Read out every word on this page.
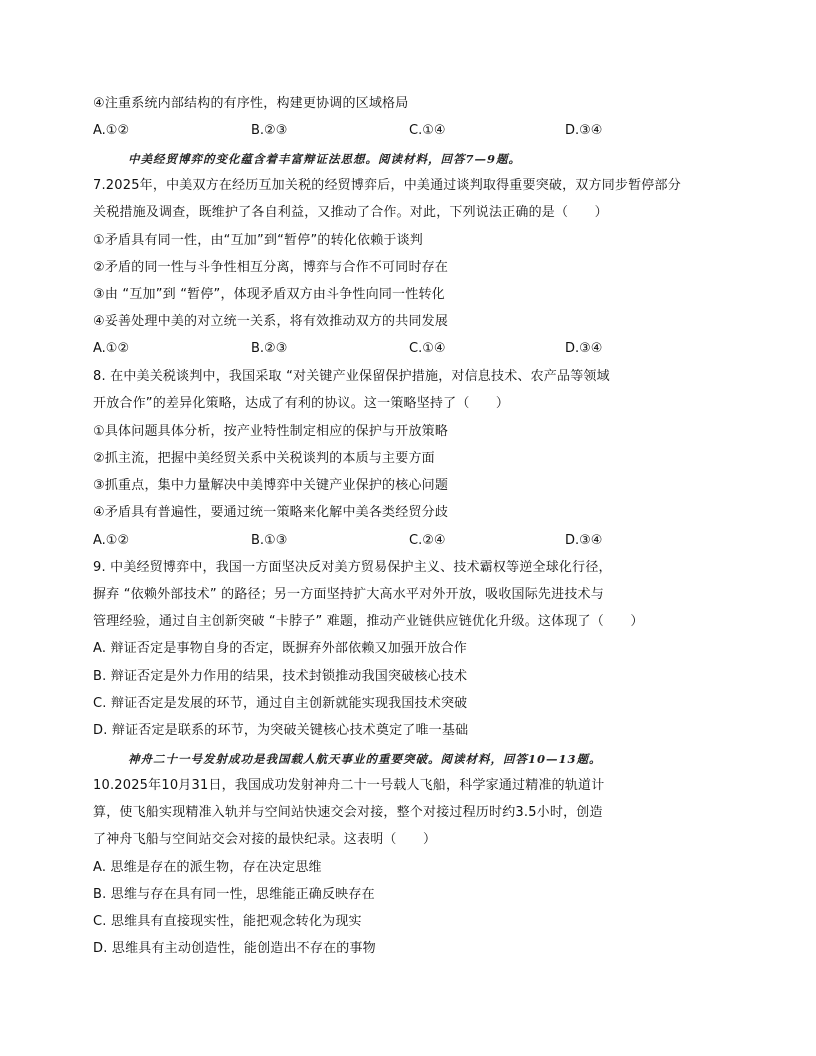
④注重系统内部结构的有序性，构建更协调的区域格局
A.①②	B.②③	C.①④	D.③④
中美经贸博弈的变化蕴含着丰富辩证法思想。阅读材料，回答7—9题。
7.2025年，中美双方在经历互加关税的经贸博弈后，中美通过谈判取得重要突破，双方同步暂停部分
关税措施及调查，既维护了各自利益，又推动了合作。对此，下列说法正确的是（　　）
①矛盾具有同一性，由“互加”到“暂停”的转化依赖于谈判
②矛盾的同一性与斗争性相互分离，博弈与合作不可同时存在
③由 “互加”到 “暂停”，体现矛盾双方由斗争性向同一性转化
④妥善处理中美的对立统一关系，将有效推动双方的共同发展
A.①②	B.②③	C.①④	D.③④
8. 在中美关税谈判中，我国采取 “对关键产业保留保护措施，对信息技术、农产品等领域
开放合作”的差异化策略，达成了有利的协议。这一策略坚持了（　　）
①具体问题具体分析，按产业特性制定相应的保护与开放策略
②抓主流，把握中美经贸关系中关税谈判的本质与主要方面
③抓重点，集中力量解决中美博弈中关键产业保护的核心问题
④矛盾具有普遍性，要通过统一策略来化解中美各类经贸分歧
A.①②	B.①③	C.②④	D.③④
9. 中美经贸博弈中，我国一方面坚决反对美方贸易保护主义、技术霸权等逆全球化行径，
摒弃 “依赖外部技术” 的路径；另一方面坚持扩大高水平对外开放，吸收国际先进技术与
管理经验，通过自主创新突破 “卡脖子” 难题，推动产业链供应链优化升级。这体现了（　　）
A. 辩证否定是事物自身的否定，既摒弃外部依赖又加强开放合作
B. 辩证否定是外力作用的结果，技术封锁推动我国突破核心技术
C. 辩证否定是发展的环节，通过自主创新就能实现我国技术突破
D. 辩证否定是联系的环节，为突破关键核心技术奠定了唯一基础
神舟二十一号发射成功是我国载人航天事业的重要突破。阅读材料，回答10—13题。
10.2025年10月31日，我国成功发射神舟二十一号载人飞船，科学家通过精准的轨道计
算，使飞船实现精准入轨并与空间站快速交会对接，整个对接过程历时约3.5小时，创造
了神舟飞船与空间站交会对接的最快纪录。这表明（　　）
A. 思维是存在的派生物，存在决定思维
B. 思维与存在具有同一性，思维能正确反映存在
C. 思维具有直接现实性，能把观念转化为现实
D. 思维具有主动创造性，能创造出不存在的事物
